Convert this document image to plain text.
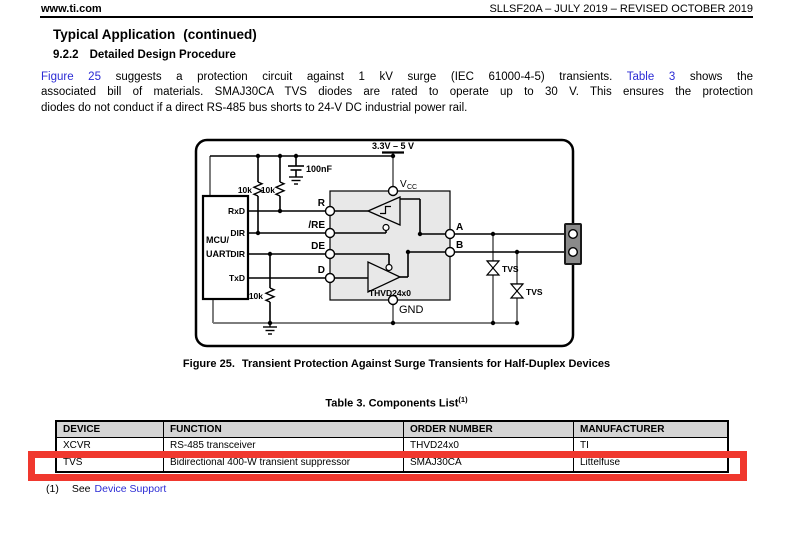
www.ti.com	SLLSF20A – JULY 2019 – REVISED OCTOBER 2019
Typical Application (continued)
9.2.2 Detailed Design Procedure
Figure 25 suggests a protection circuit against 1 kV surge (IEC 61000-4-5) transients. Table 3 shows the
associated bill of materials. SMAJ30CA TVS diodes are rated to operate up to 30 V. This ensures the protection
diodes do not conduct if a direct RS-485 bus shorts to 24-V DC industrial power rail.
3.3V – 5 V
100nF
10k 10k
10k
V CC
GND
MCU/
UART
RxD
DIR
DIR
TxD
R
/RE
DE
D
A
B
THVD24x0
TVS
TVS
Figure 25. Transient Protection Against Surge Transients for Half-Duplex Devices
Table 3. Components List$^{(1)}$
DEVICE	FUNCTION	ORDER NUMBER	MANUFACTURER
XCVR	RS-485 transceiver	THVD24x0	TI
TVS	Bidirectional 400-W transient suppressor	SMAJ30CA	Littelfuse
(1) See Device Support
